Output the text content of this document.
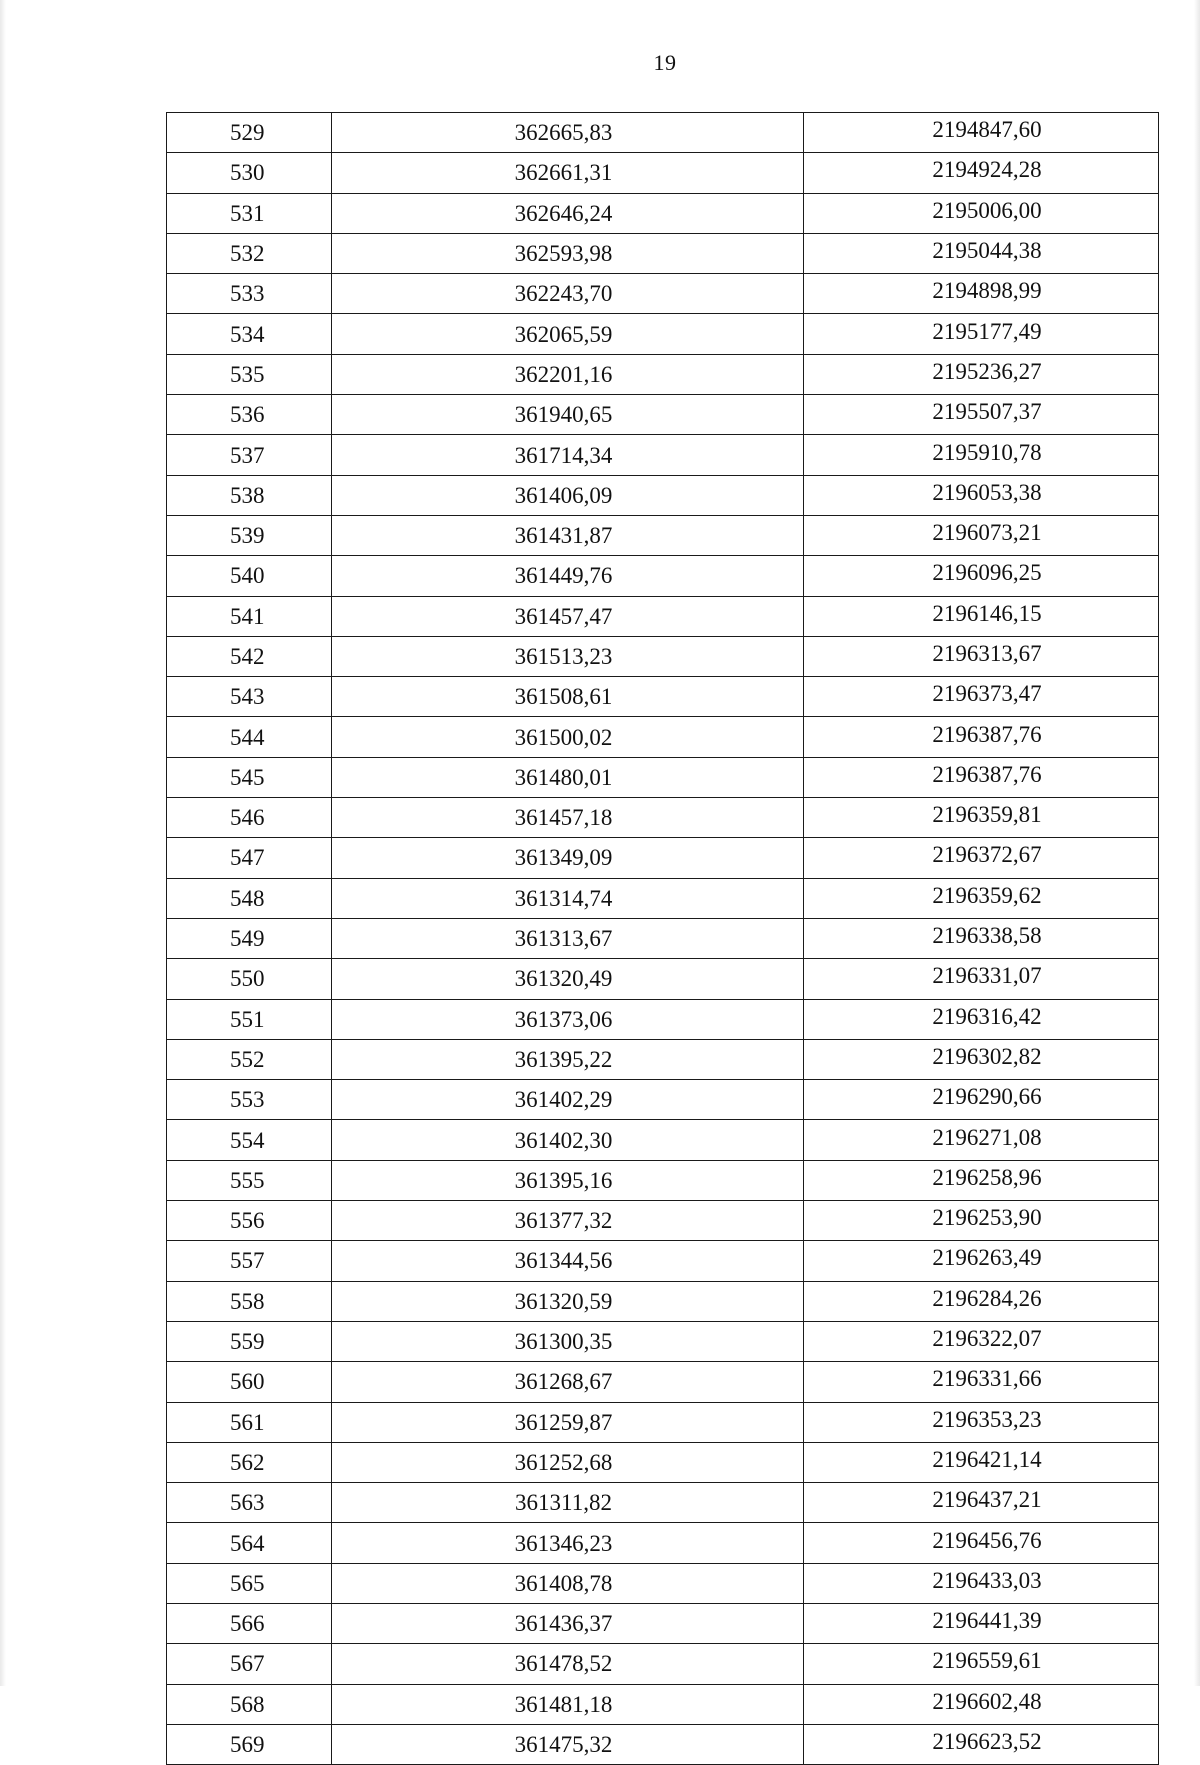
19
529	362665,83	2194847,60
530	362661,31	2194924,28
531	362646,24	2195006,00
532	362593,98	2195044,38
533	362243,70	2194898,99
534	362065,59	2195177,49
535	362201,16	2195236,27
536	361940,65	2195507,37
537	361714,34	2195910,78
538	361406,09	2196053,38
539	361431,87	2196073,21
540	361449,76	2196096,25
541	361457,47	2196146,15
542	361513,23	2196313,67
543	361508,61	2196373,47
544	361500,02	2196387,76
545	361480,01	2196387,76
546	361457,18	2196359,81
547	361349,09	2196372,67
548	361314,74	2196359,62
549	361313,67	2196338,58
550	361320,49	2196331,07
551	361373,06	2196316,42
552	361395,22	2196302,82
553	361402,29	2196290,66
554	361402,30	2196271,08
555	361395,16	2196258,96
556	361377,32	2196253,90
557	361344,56	2196263,49
558	361320,59	2196284,26
559	361300,35	2196322,07
560	361268,67	2196331,66
561	361259,87	2196353,23
562	361252,68	2196421,14
563	361311,82	2196437,21
564	361346,23	2196456,76
565	361408,78	2196433,03
566	361436,37	2196441,39
567	361478,52	2196559,61
568	361481,18	2196602,48
569	361475,32	2196623,52
